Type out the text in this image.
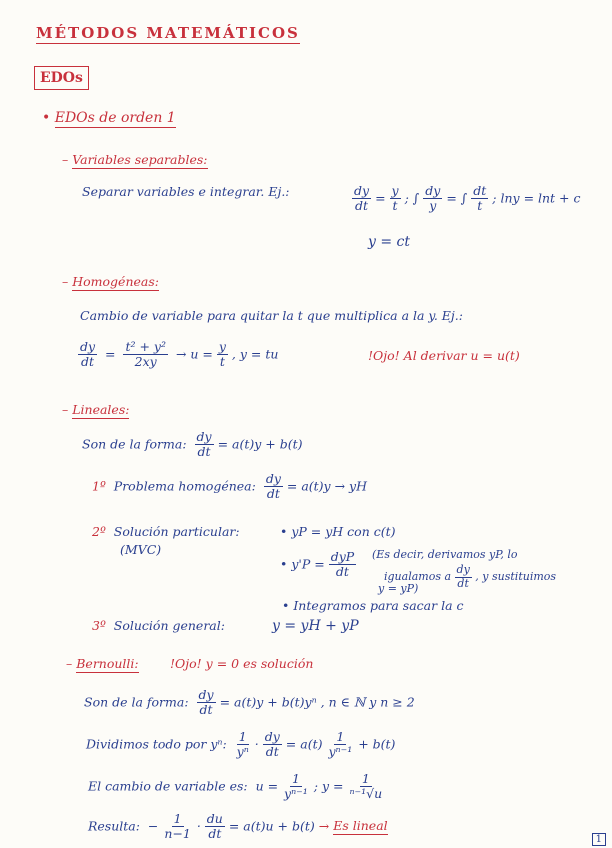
MÉTODOS MATEMÁTICOS
EDOs
• EDOs de orden 1
– Variables separables:
Separar variables e integrar. Ej.:	$\frac{dy}{dt} = \frac{y}{t}$ ; ∫ $\frac{dy}{y}$ = ∫ $\frac{dt}{t}$ ; lny = lnt + c
y = ct
– Homogéneas:
Cambio de variable para quitar la t que multiplica a la y. Ej.:
$\frac{dy}{dt} = \frac{\text{t² + y²}}{2xy} \to u = \frac{y}{t}$ , y = tu	!Ojo! Al derivar u = u(t)
– Lineales:
Son de la forma: $\frac{dy}{dt} = a(t)y + b(t)$
1º Problema homogénea: $\frac{dy}{dt} = a(t)y$ → yH
2º Solución particular:
(MVC)
• yP = yH con c(t)
• $y'P = \frac{\text{dyP}}{dt} (Es$ decir, derivamos yP, lo
igualamos a $\frac{dy}{dt}$ , y sustituimos
y = yP)
• Integramos para sacar la c
3º Solución general:	y = yH + yP
– Bernoulli:	!Ojo! y = 0 es solución
Son de la forma: $\frac{dy}{dt} = a(t)y + b(t)y^n$ , n ∈ ℕ y n ≥ 2
Dividimos todo por yⁿ: $\frac{1}{\text{yⁿ}} \cdot \frac{dy}{dt} = a(t) \frac{1}{\text{yⁿ⁻¹}} + b(t)$
El cambio de variable es: $u = \frac{1}{\text{yⁿ⁻¹}}$ ; $y = \frac{1}{\text{ⁿ⁻¹√u}}$
Resulta: − $\frac{1}{n-1} \cdot \frac{du}{dt} = a(t)u + b(t) \to Es$ lineal
1
